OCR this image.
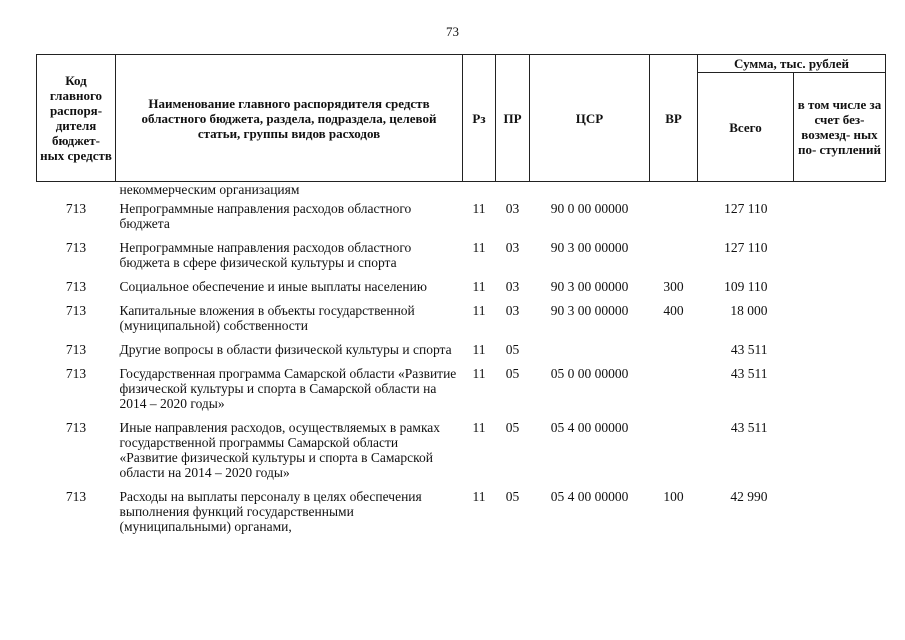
73
Код главного распоря- дителя бюджет- ных средств	Наименование главного распорядителя средств областного бюджета, раздела, подраздела, целевой статьи, группы видов расходов	Рз	ПР	ЦСР	ВР	Сумма, тыс. рублей	
						Всего	в том числе за счет без- возмезд- ных по- ступлений
	некоммерческим организациям						
713	Непрограммные направления расходов областного бюджета	11	03	90 0 00 00000		127 110	
713	Непрограммные направления расходов областного бюджета в сфере физической культуры и спорта	11	03	90 3 00 00000		127 110	
713	Социальное обеспечение и иные выплаты населению	11	03	90 3 00 00000	300	109 110	
713	Капитальные вложения в объекты государственной (муниципальной) собственности	11	03	90 3 00 00000	400	18 000	
713	Другие вопросы в области физической культуры и спорта	11	05			43 511	
713	Государственная программа Самарской области «Развитие физической культуры и спорта в Самарской области на 2014 – 2020 годы»	11	05	05 0 00 00000		43 511	
713	Иные направления расходов, осуществляемых в рамках государственной программы Самарской области «Развитие физической культуры и спорта в Самарской области на 2014 – 2020 годы»	11	05	05 4 00 00000		43 511	
713	Расходы на выплаты персоналу в целях обеспечения выполнения функций государственными (муниципальными) органами,	11	05	05 4 00 00000	100	42 990	
